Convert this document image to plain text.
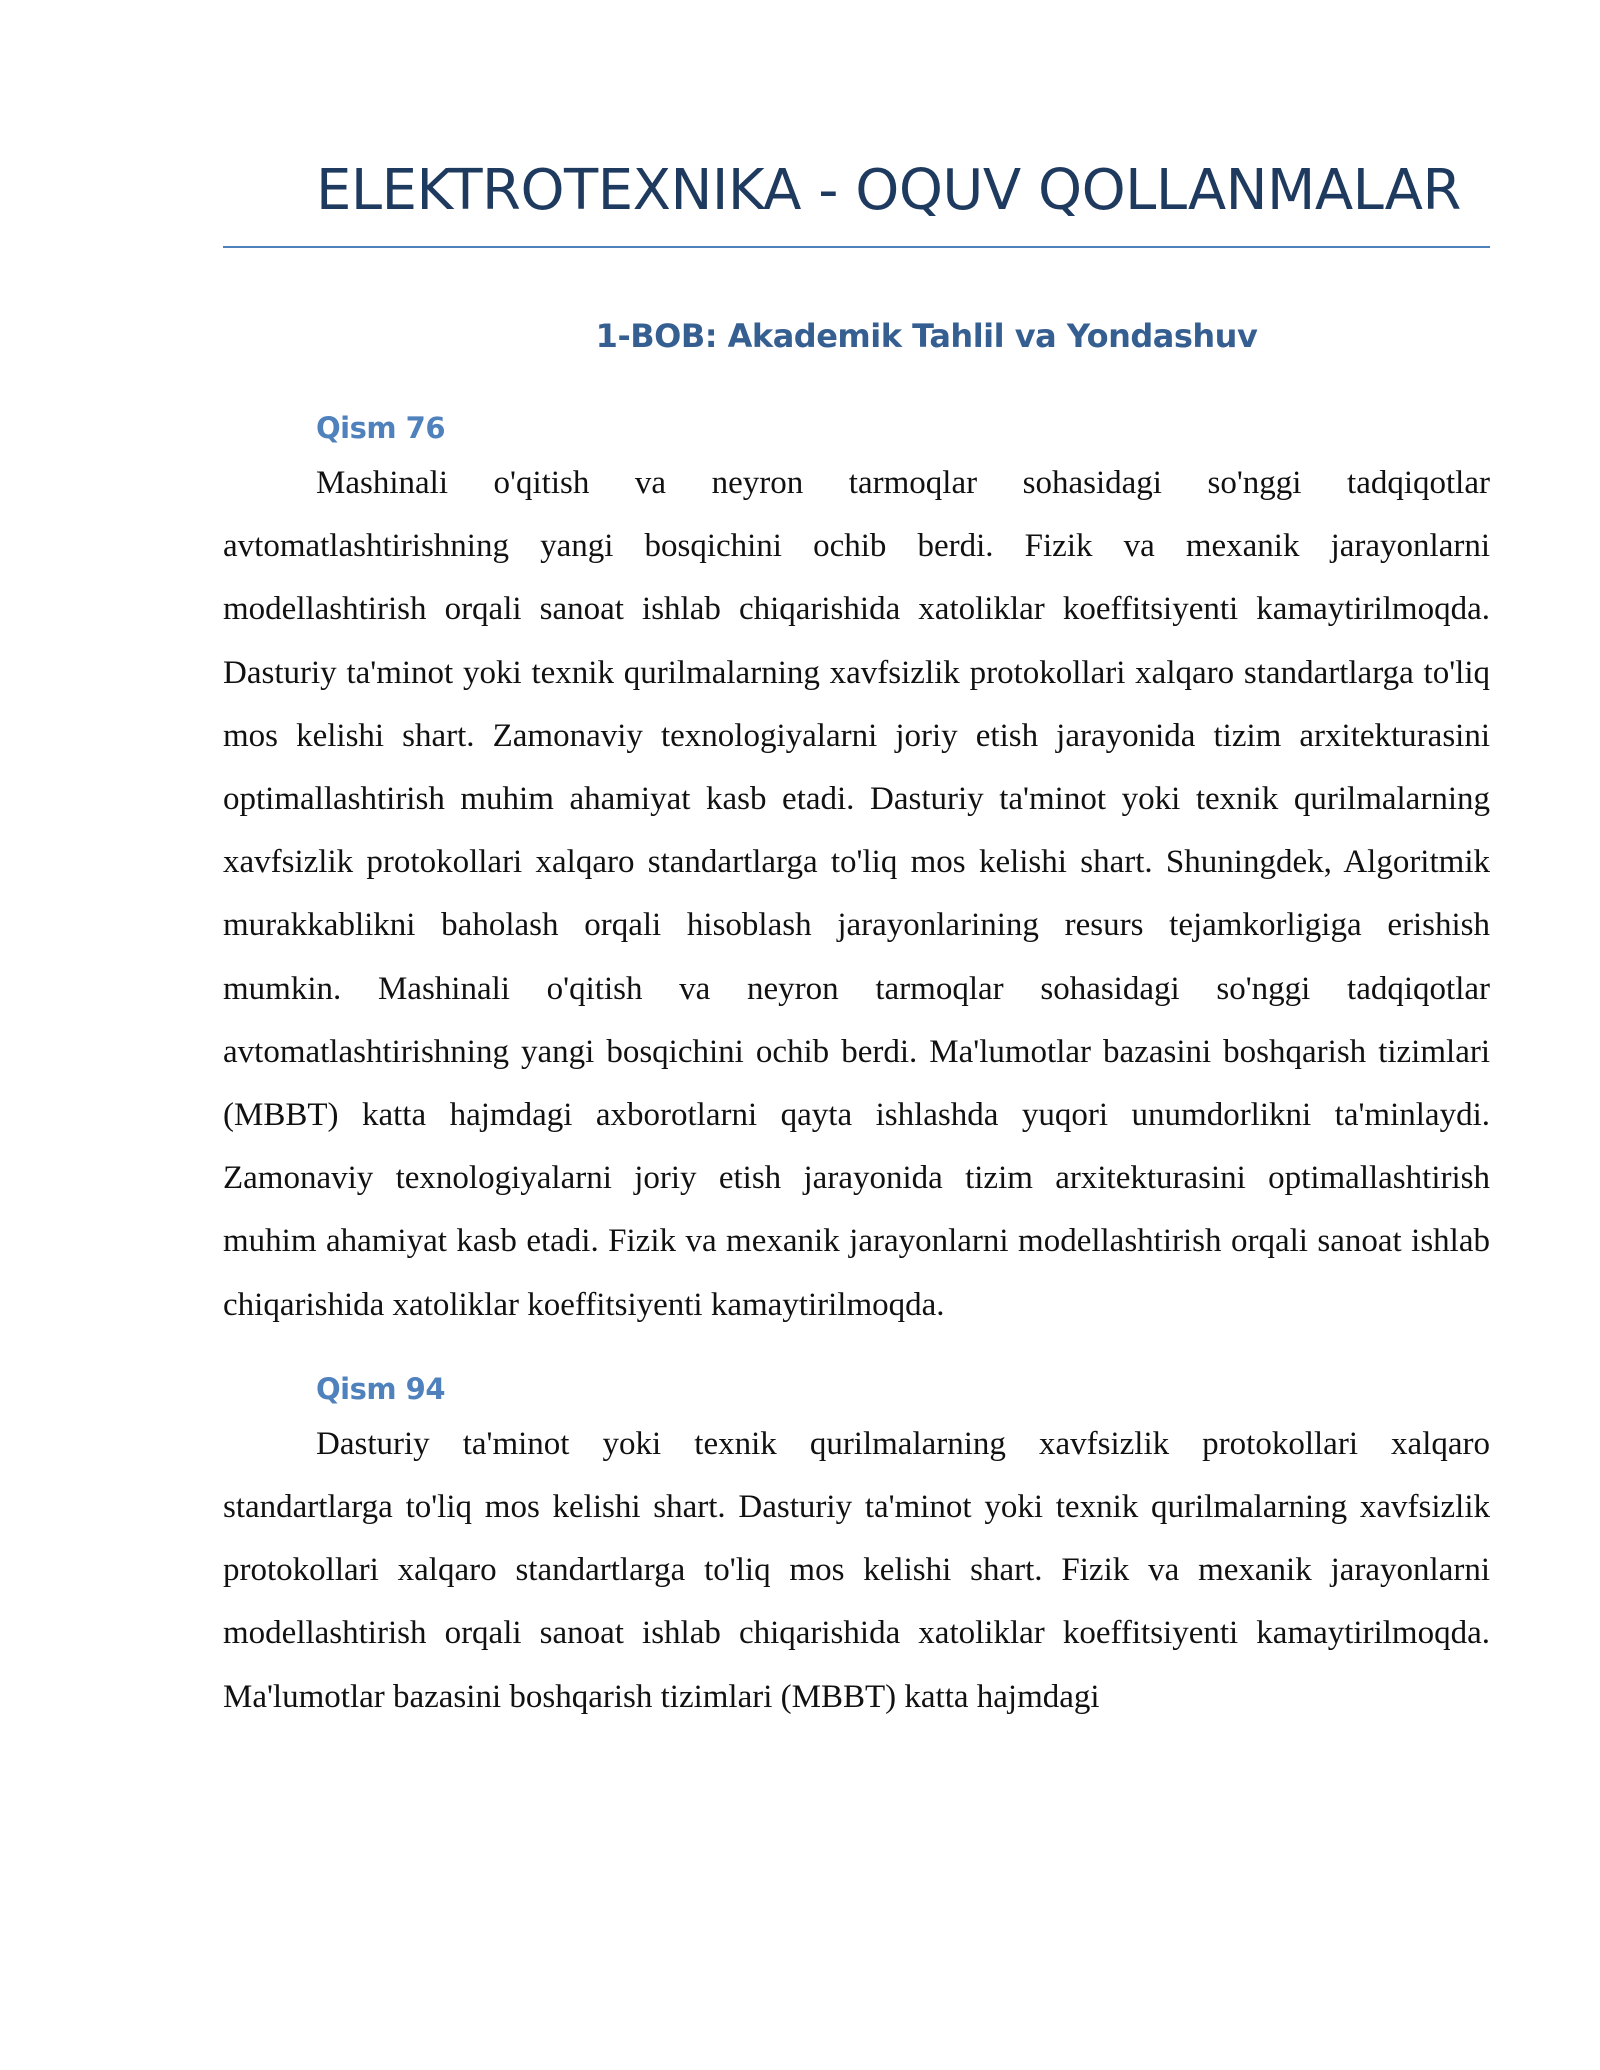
ELEKTROTEXNIKA - OQUV QOLLANMALAR
1-BOB: Akademik Tahlil va Yondashuv
Qism 76

Mashinali o'qitish va neyron tarmoqlar sohasidagi so'nggi tadqiqotlar avtomatlashtirishning yangi bosqichini ochib berdi. Fizik va mexanik jarayonlarni modellashtirish orqali sanoat ishlab chiqarishida xatoliklar koeffitsiyenti kamaytirilmoqda. Dasturiy ta'minot yoki texnik qurilmalarning xavfsizlik protokollari xalqaro standartlarga to'liq mos kelishi shart. Zamonaviy texnologiyalarni joriy etish jarayonida tizim arxitekturasini optimallashtirish muhim ahamiyat kasb etadi. Dasturiy ta'minot yoki texnik qurilmalarning xavfsizlik protokollari xalqaro standartlarga to'liq mos kelishi shart. Shuningdek, Algoritmik murakkablikni baholash orqali hisoblash jarayonlarining resurs tejamkorligiga erishish mumkin. Mashinali o'qitish va neyron tarmoqlar sohasidagi so'nggi tadqiqotlar avtomatlashtirishning yangi bosqichini ochib berdi. Ma'lumotlar bazasini boshqarish tizimlari (MBBT) katta hajmdagi axborotlarni qayta ishlashda yuqori unumdorlikni ta'minlaydi. Zamonaviy texnologiyalarni joriy etish jarayonida tizim arxitekturasini optimallashtirish muhim ahamiyat kasb etadi. Fizik va mexanik jarayonlarni modellashtirish orqali sanoat ishlab chiqarishida xatoliklar koeffitsiyenti kamaytirilmoqda.

Qism 94

Dasturiy ta'minot yoki texnik qurilmalarning xavfsizlik protokollari xalqaro standartlarga to'liq mos kelishi shart. Dasturiy ta'minot yoki texnik qurilmalarning xavfsizlik protokollari xalqaro standartlarga to'liq mos kelishi shart. Fizik va mexanik jarayonlarni modellashtirish orqali sanoat ishlab chiqarishida xatoliklar koeffitsiyenti kamaytirilmoqda. Ma'lumotlar bazasini boshqarish tizimlari (MBBT) katta hajmdagi
